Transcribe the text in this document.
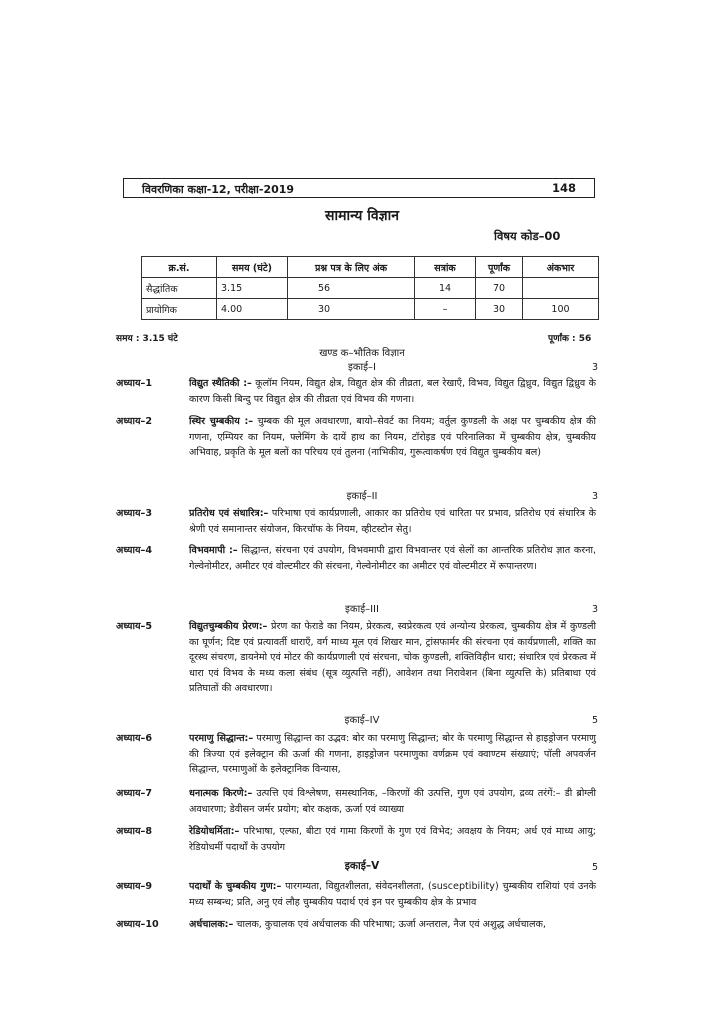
विवरणिका कक्षा-12, परीक्षा-2019	148
सामान्य विज्ञान
विषय कोड–00
क्र.सं.	समय (घंटे)	प्रश्न पत्र के लिए अंक	सत्रांक	पूर्णांक	अंकभार
सैद्धांतिक	3.15	56	14	70	
प्रायोगिक	4.00	30	–	30	100
समय : 3.15 घंटे	पूर्णांक : 56
खण्ड क–भौतिक विज्ञान
इकाई–I	3
अध्याय–1	विद्युत स्थैतिकी :– कूलॉम नियम, विद्युत क्षेत्र, विद्युत क्षेत्र की तीव्रता, बल रेखाएँ, विभव, विद्युत द्विध्रुव, विद्युत द्विध्रुव के कारण किसी बिन्दु पर विद्युत क्षेत्र की तीव्रता एवं विभव की गणना।
अध्याय–2	स्थिर चुम्बकीय :– चुम्बक की मूल अवधारणा, बायो–सेवर्ट का नियम; वर्तुल कुण्डली के अक्ष पर चुम्बकीय क्षेत्र की गणना, एम्पियर का नियम, फ्लेमिंग के दायें हाथ का नियम, टॉरोइड एवं परिनालिका में चुम्बकीय क्षेत्र, चुम्बकीय अभिवाह, प्रकृति के मूल बलों का परिचय एवं तुलना (नाभिकीय, गुरूत्वाकर्षण एवं विद्युत चुम्बकीय बल)
इकाई–II	3
अध्याय–3	प्रतिरोध एवं संधारित्र:– परिभाषा एवं कार्यप्रणाली, आकार का प्रतिरोध एवं धारिता पर प्रभाव, प्रतिरोध एवं संधारित्र के श्रेणी एवं समानान्तर संयोजन, किरचॉफ के नियम, व्हीटस्टोन सेतु।
अध्याय–4	विभवमापी :– सिद्धान्त, संरचना एवं उपयोग, विभवमापी द्वारा विभवान्तर एवं सेलों का आन्तरिक प्रतिरोध ज्ञात करना, गेल्वेनोमीटर, अमीटर एवं वोल्टमीटर की संरचना, गेल्वेनोमीटर का अमीटर एवं वोल्टमीटर में रूपान्तरण।
इकाई–III	3
अध्याय–5	विद्युतचुम्बकीय प्रेरण:– प्रेरण का फेराडे का नियम, प्रेरकत्व, स्वप्रेरकत्व एवं अन्योन्य प्रेरकत्व, चुम्बकीय क्षेत्र में कुण्डली का घूर्णन; दिष्ट एवं प्रत्यावर्ती धाराएँ, वर्ग माध्य मूल एवं शिखर मान, ट्रांसफार्मर की संरचना एवं कार्यप्रणाली, शक्ति का दूरस्थ संचरण, डायनेमो एवं मोटर की कार्यप्रणाली एवं संरचना, चोक कुण्डली, शक्तिविहीन धारा; संधारित्र एवं प्रेरकत्व में धारा एवं विभव के मध्य कला संबंध (सूत्र व्युत्पत्ति नहीं), आवेशन तथा निरावेशन (बिना व्युत्पत्ति के) प्रतिबाधा एवं प्रतिघातों की अवधारणा।
इकाई–IV	5
अध्याय–6	परमाणु सिद्धान्त:– परमाणु सिद्धान्त का उद्भव: बोर का परमाणु सिद्धान्त; बोर के परमाणु सिद्धान्त से हाइड्रोजन परमाणु की त्रिज्या एवं इलेक्ट्रान की ऊर्जा की गणना, हाइड्रोजन परमाणुका वर्णक्रम एवं क्वाण्टम संख्याएं; पॉली अपवर्जन सिद्धान्त, परमाणुओं के इलेक्ट्रानिक विन्यास,
अध्याय–7	धनात्मक किरणे:– उत्पत्ति एवं विश्लेषण, समस्थानिक, –किरणों की उत्पत्ति, गुण एवं उपयोग, द्रव्य तरंगें:– डी ब्रोग्ली अवधारणा; डेवीसन जर्मर प्रयोग; बोर कक्षक, ऊर्जा एवं व्याख्या
अध्याय–8	रेडियोधर्मिता:– परिभाषा, एल्फा, बीटा एवं गामा किरणों के गुण एवं विभेद; अवक्षय के नियम; अर्ध एवं माध्य आयु; रेडियोधर्मी पदार्थों के उपयोग
इकाई–V	5
अध्याय–9	पदार्थों के चुम्बकीय गुण:– पारगम्यता, विद्युतशीलता, संवेदनशीलता, (susceptibility) चुम्बकीय राशियां एवं उनके मध्य सम्बन्ध; प्रति, अनु एवं लौह चुम्बकीय पदार्थ एवं इन पर चुम्बकीय क्षेत्र के प्रभाव
अध्याय–10	अर्धचालक:– चालक, कुचालक एवं अर्धचालक की परिभाषा; ऊर्जा अन्तराल, नैज एवं अशुद्ध अर्धचालक,
